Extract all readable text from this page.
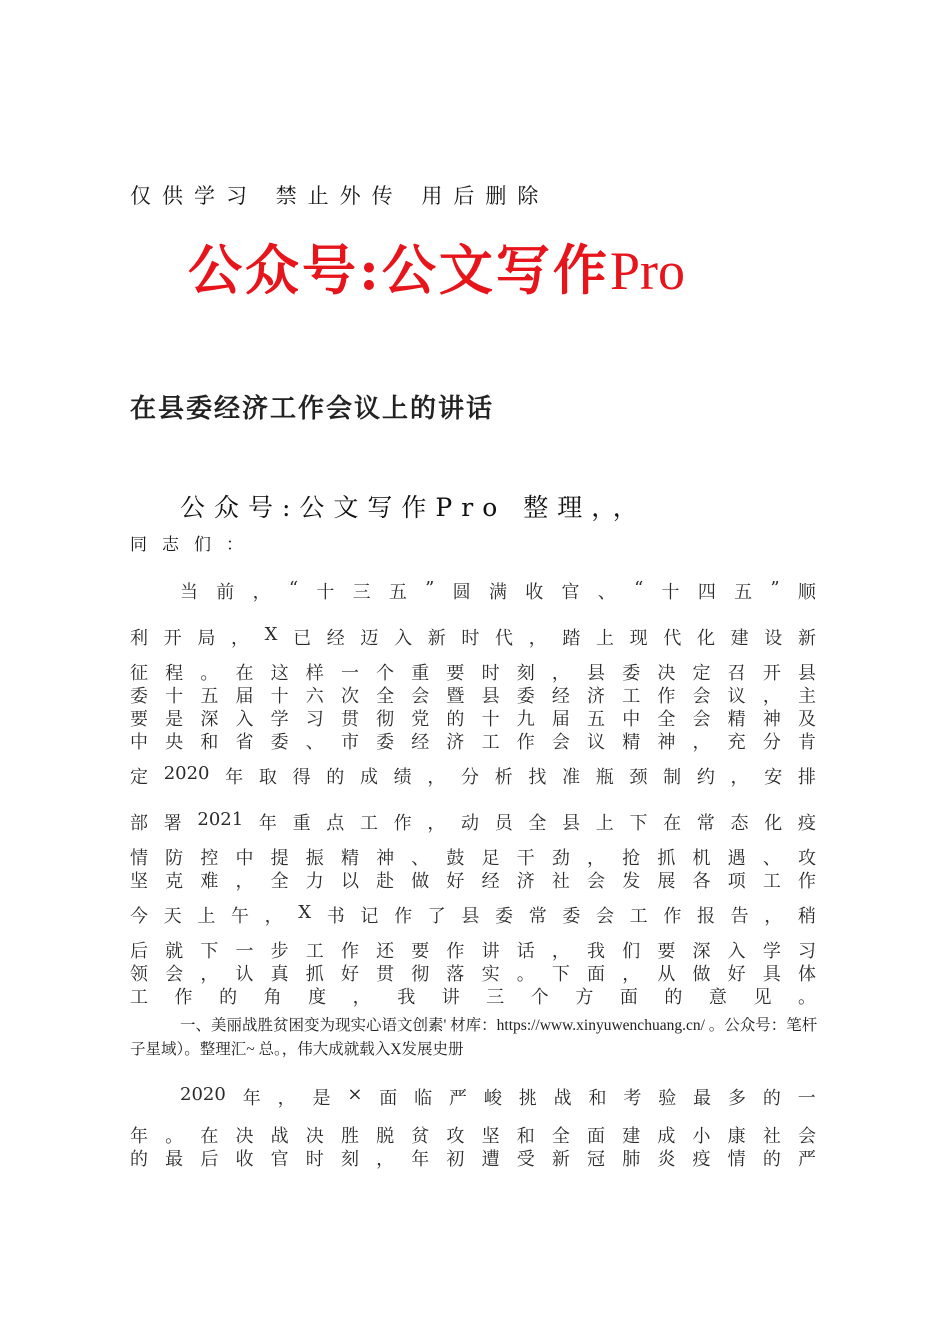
仅供学习 禁止外传 用后删除
公众号:公文写作Pro
在县委经济工作会议上的讲话
公众号:公文写作Pro 整理，，
同志们：
当 前 ， “ 十 三 五 ” 圆 满 收 官 、 “ 十 四 五 ” 顺
利 开 局 ， X 已 经 迈 入 新 时 代 ， 踏 上 现 代 化 建 设 新
征 程 。 在 这 样 一 个 重 要 时 刻 ， 县 委 决 定 召 开 县
委 十 五 届 十 六 次 全 会 暨 县 委 经 济 工 作 会 议 ， 主
要 是 深 入 学 习 贯 彻 党 的 十 九 届 五 中 全 会 精 神 及
中 央 和 省 委 、 市 委 经 济 工 作 会 议 精 神 ， 充 分 肯
定 2020 年 取 得 的 成 绩 ， 分 析 找 准 瓶 颈 制 约 ， 安 排
部 署 2021 年 重 点 工 作 ， 动 员 全 县 上 下 在 常 态 化 疫
情 防 控 中 提 振 精 神 、 鼓 足 干 劲 ， 抢 抓 机 遇 、 攻
坚 克 难 ， 全 力 以 赴 做 好 经 济 社 会 发 展 各 项 工 作
今 天 上 午 ， X 书 记 作 了 县 委 常 委 会 工 作 报 告 ， 稍
后 就 下 一 步 工 作 还 要 作 讲 话 ， 我 们 要 深 入 学 习
领 会 ， 认 真 抓 好 贯 彻 落 实 。 下 面 ， 从 做 好 具 体
工 作 的 角 度 ， 我 讲 三 个 方 面 的 意 见 。
一、美丽战胜贫困变为现实心语文创素' 材库：https://www.xinyuwenchuang.cn/ 。公众号：笔杆子星域）。整理汇~ 总。，伟大成就载入X发展史册
2020 年 ， 是 × 面 临 严 峻 挑 战 和 考 验 最 多 的 一
年 。 在 决 战 决 胜 脱 贫 攻 坚 和 全 面 建 成 小 康 社 会
的 最 后 收 官 时 刻 ， 年 初 遭 受 新 冠 肺 炎 疫 情 的 严
